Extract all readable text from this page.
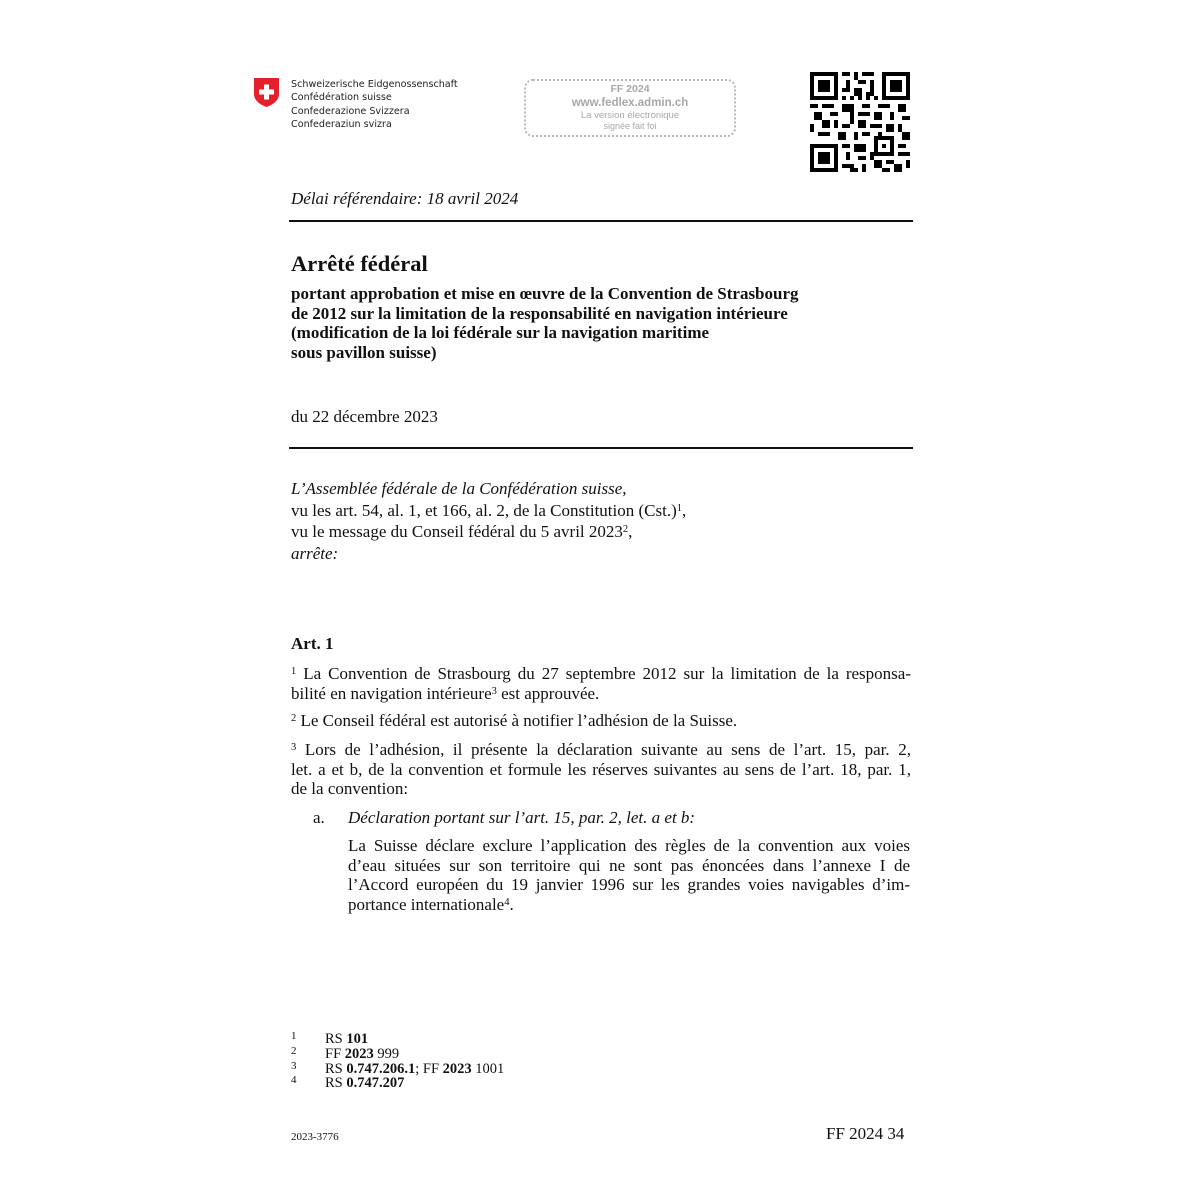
Schweizerische Eidgenossenschaft
Confédération suisse
Confederazione Svizzera
Confederaziun svizra
FF 2024
www.fedlex.admin.ch
La version électronique
signée fait foi
Délai référendaire: 18 avril 2024
Arrêté fédéral
portant approbation et mise en œuvre de la Convention de Strasbourg
de 2012 sur la limitation de la responsabilité en navigation intérieure
(modification de la loi fédérale sur la navigation maritime
sous pavillon suisse)
du 22 décembre 2023
L’Assemblée fédérale de la Confédération suisse,
vu les art. 54, al. 1, et 166, al. 2, de la Constitution $(Cst.)^1$,
vu le message du Conseil fédéral du 5 avril 2023$^2$,
arrête:
Art. 1
$^1$ La Convention de Strasbourg du 27 septembre 2012 sur la limitation de la responsa-
bilité en navigation intérieure$^3$ est approuvée.
$^2$ Le Conseil fédéral est autorisé à notifier l’adhésion de la Suisse.
$^3$ Lors de l’adhésion, il présente la déclaration suivante au sens de l’art. 15, par. 2,
let. a et b, de la convention et formule les réserves suivantes au sens de l’art. 18, par. 1,
de la convention:
a. Déclaration portant sur l’art. 15, par. 2, let. a et b:
La Suisse déclare exclure l’application des règles de la convention aux voies
d’eau situées sur son territoire qui ne sont pas énoncées dans l’annexe I de
l’Accord européen du 19 janvier 1996 sur les grandes voies navigables d’im-
portance internationale$^4$.
1 RS 101
2 FF 2023 999
3 RS 0.747.206.1; FF 2023 1001
4 RS 0.747.207
2023-3776	FF 2024 34
